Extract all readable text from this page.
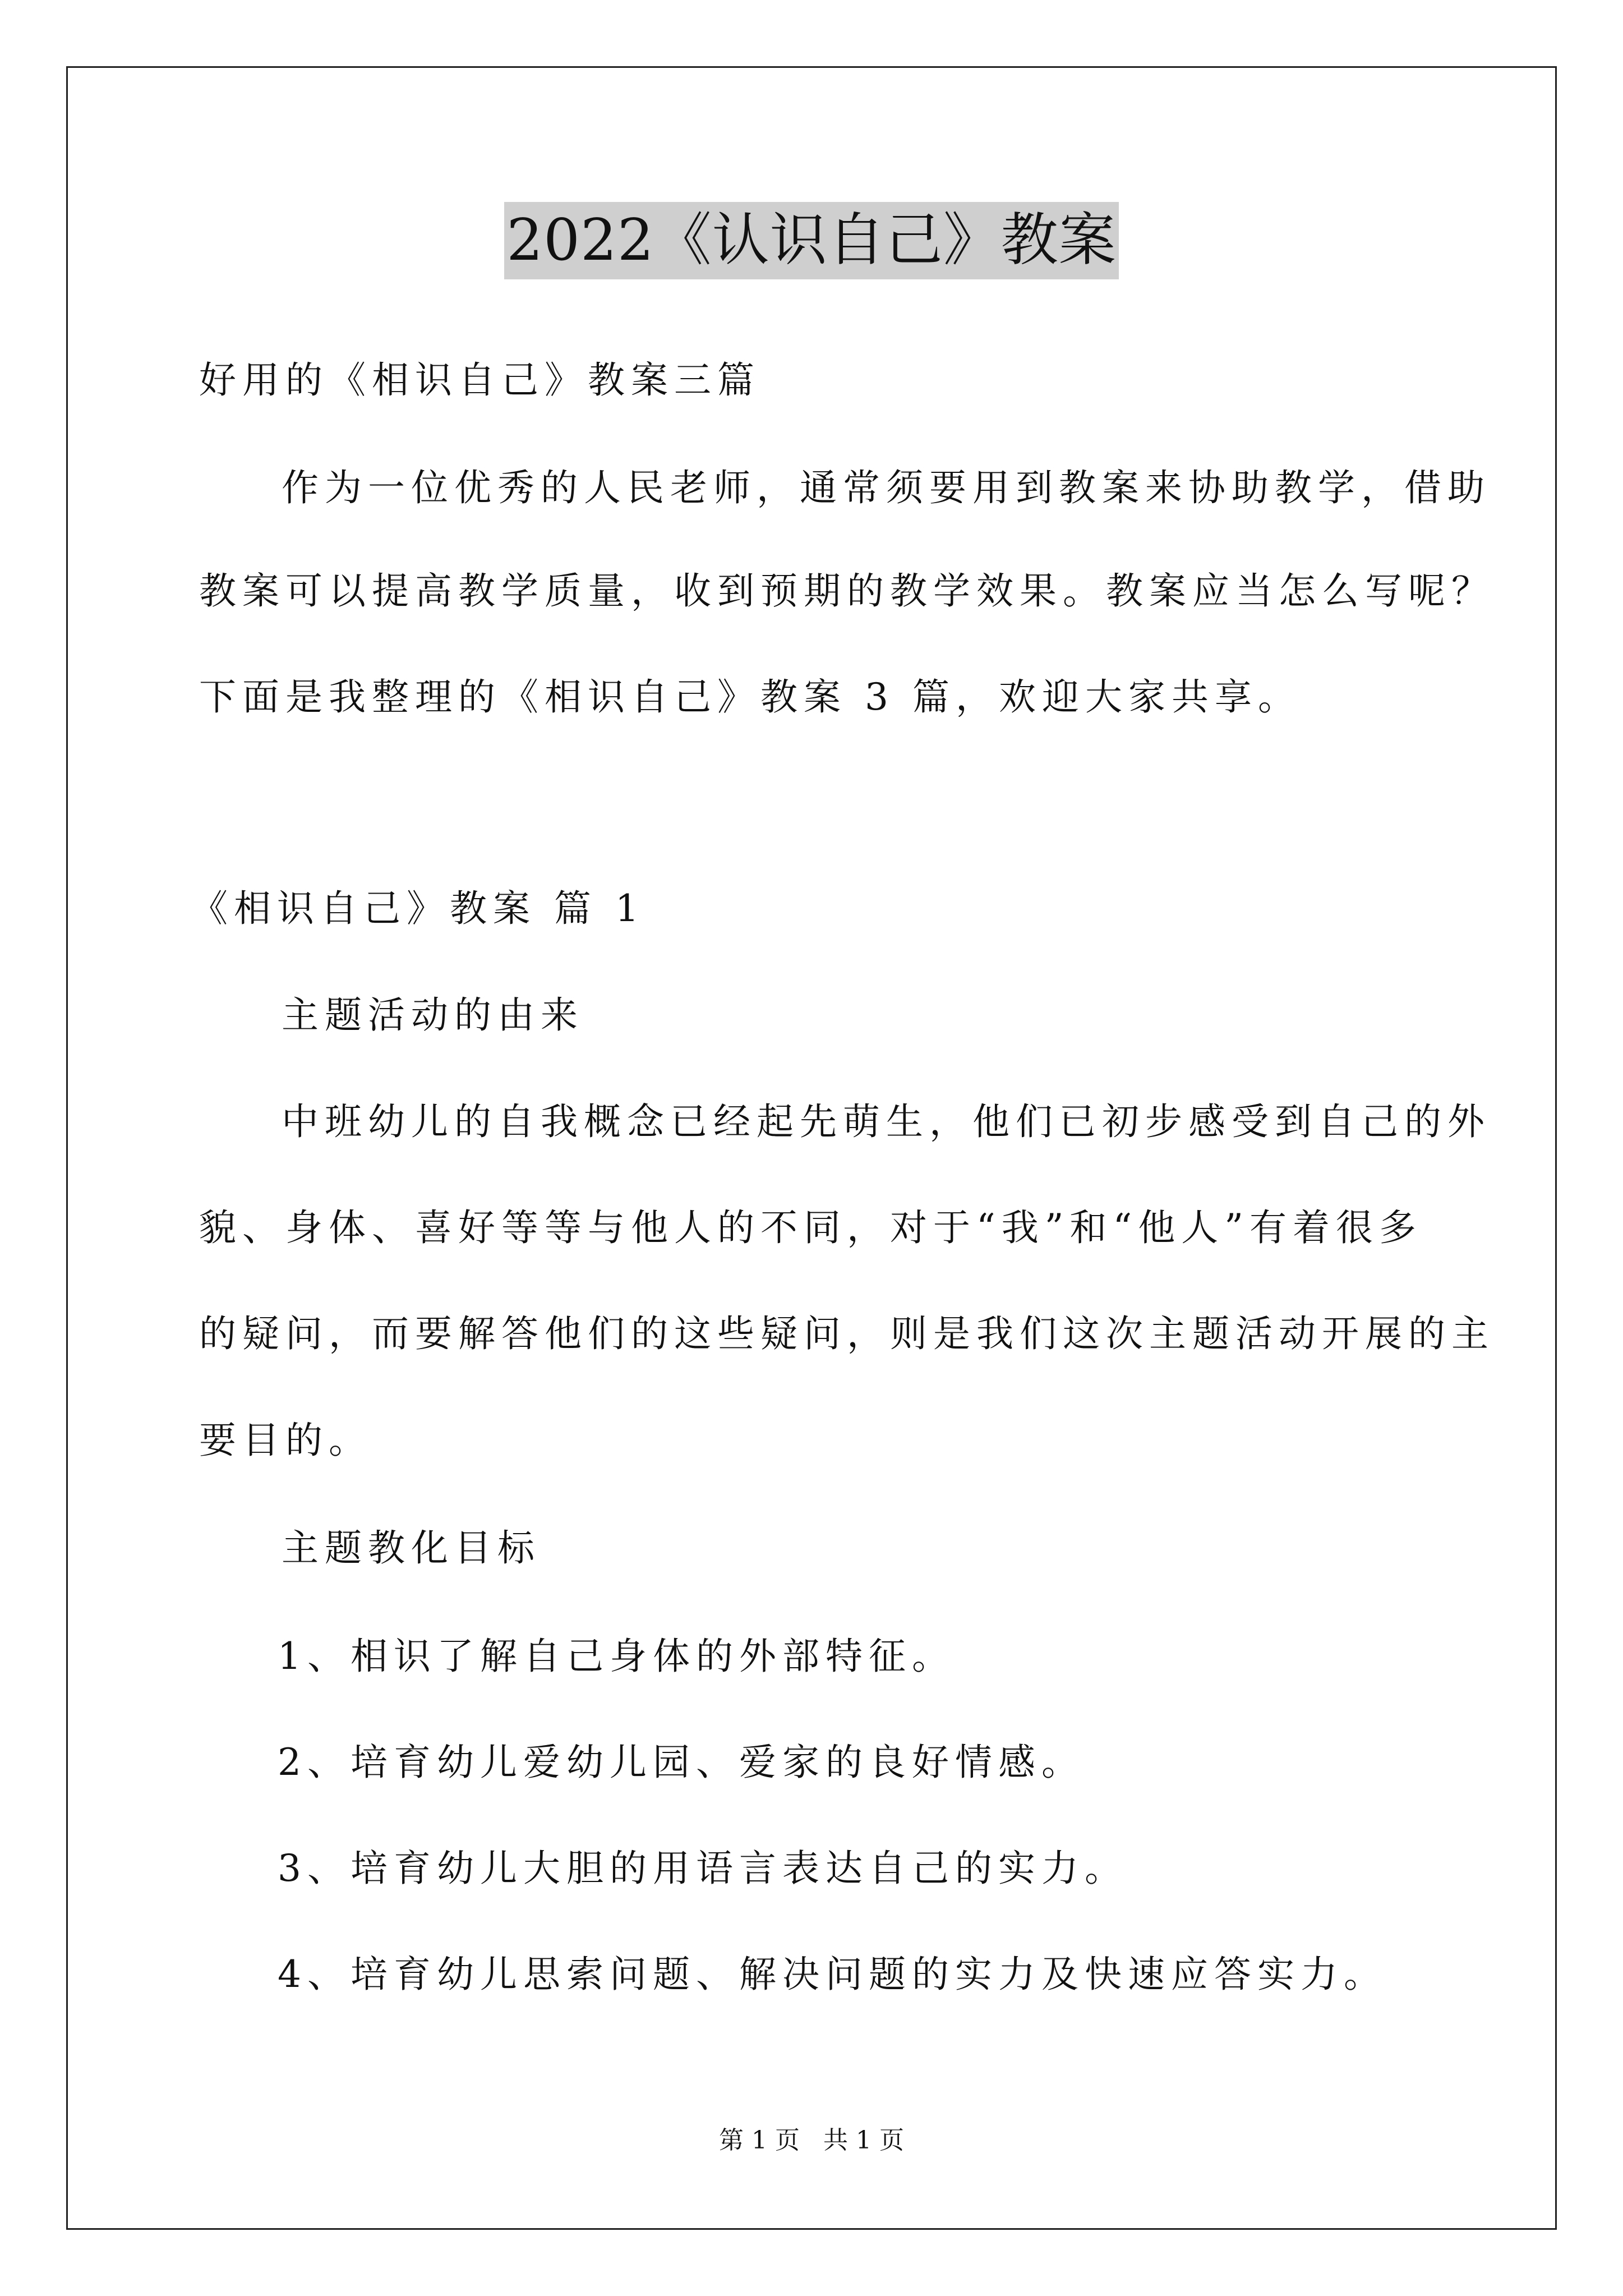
2022《认识自己》教案
好用的《相识自己》教案三篇
作为一位优秀的人民老师，通常须要用到教案来协助教学，借助
教案可以提高教学质量，收到预期的教学效果。教案应当怎么写呢？
下面是我整理的《相识自己》教案 3 篇，欢迎大家共享。
《相识自己》教案 篇 1
主题活动的由来
中班幼儿的自我概念已经起先萌生，他们已初步感受到自己的外
貌、身体、喜好等等与他人的不同，对于“我”和“他人”有着很多
的疑问，而要解答他们的这些疑问，则是我们这次主题活动开展的主
要目的。
主题教化目标
1、相识了解自己身体的外部特征。
2、培育幼儿爱幼儿园、爱家的良好情感。
3、培育幼儿大胆的用语言表达自己的实力。
4、培育幼儿思索问题、解决问题的实力及快速应答实力。
第 1 页   共 1 页
